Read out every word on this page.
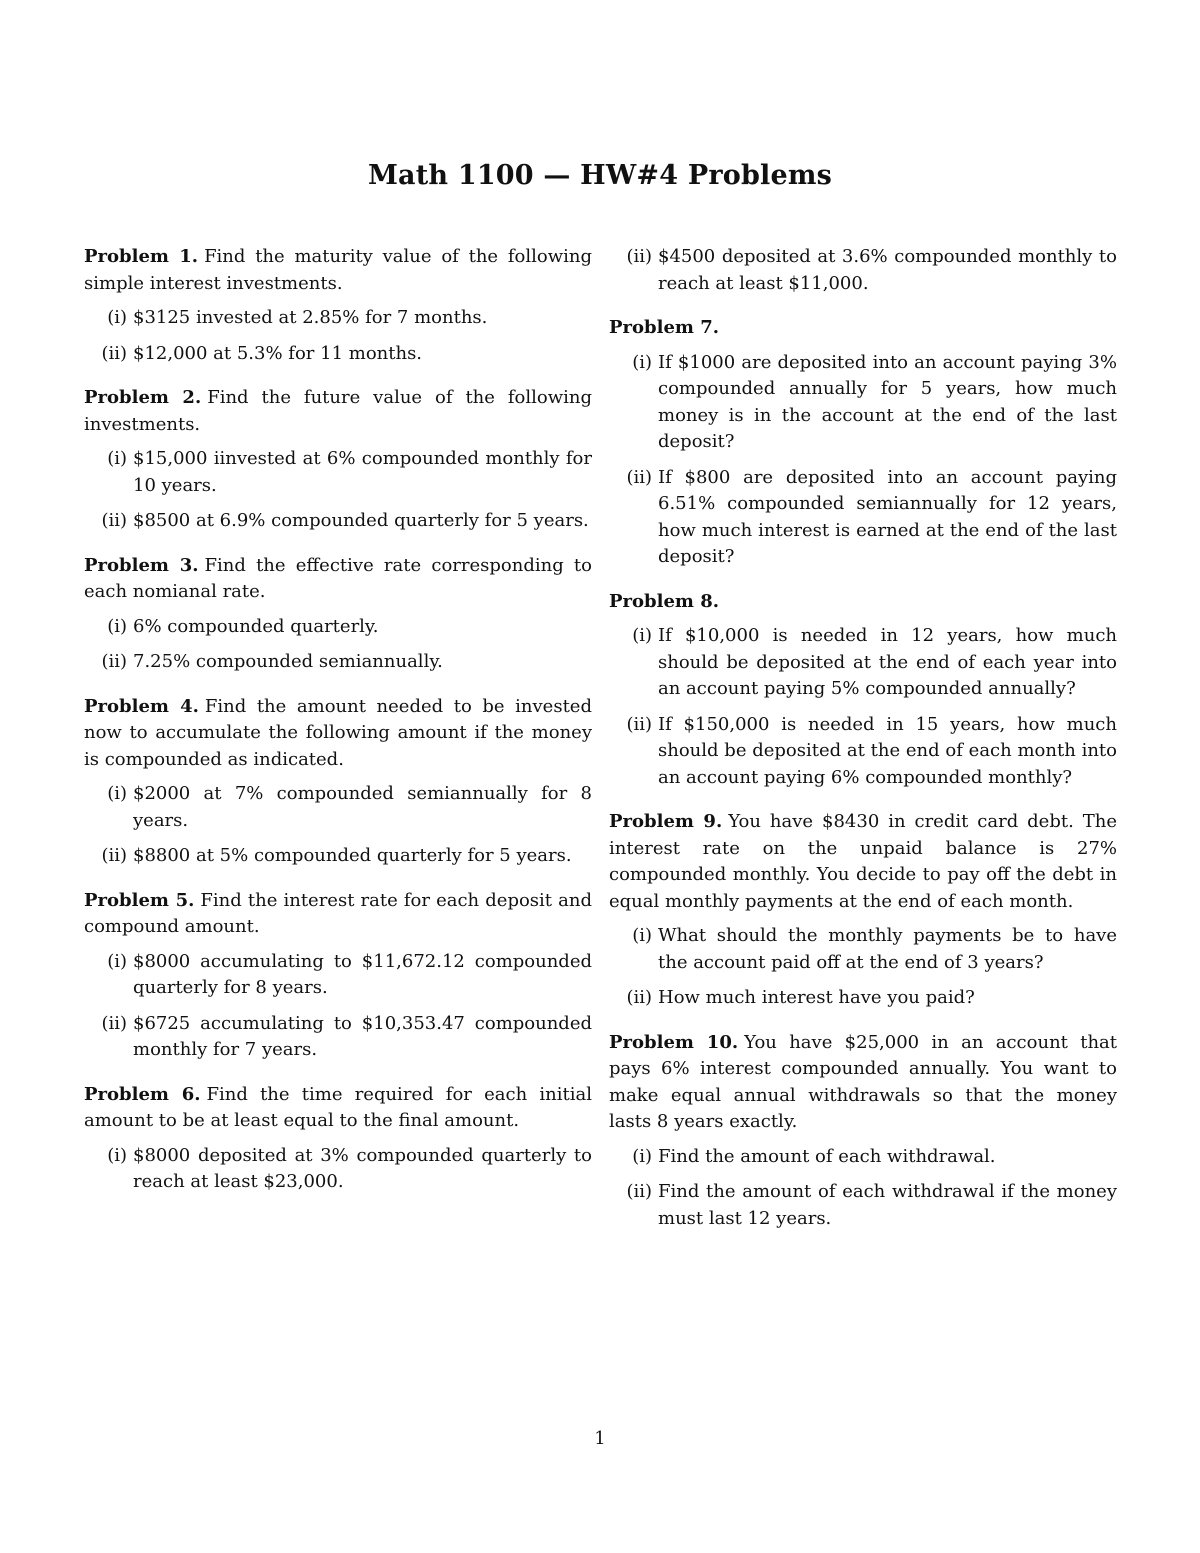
Math 1100 — HW#4 Problems

Problem 1. Find the maturity value of the following simple interest investments.

(i) $3125 invested at 2.85% for 7 months.
(ii) $12,000 at 5.3% for 11 months.

Problem 2. Find the future value of the following investments.

(i) $15,000 iinvested at 6% compounded monthly for 10 years.
(ii) $8500 at 6.9% compounded quarterly for 5 years.

Problem 3. Find the effective rate corresponding to each nomianal rate.

(i) 6% compounded quarterly.
(ii) 7.25% compounded semiannually.

Problem 4. Find the amount needed to be invested now to accumulate the following amount if the money is compounded as indicated.

(i) $2000 at 7% compounded semiannually for 8 years.
(ii) $8800 at 5% compounded quarterly for 5 years.

Problem 5. Find the interest rate for each deposit and compound amount.

(i) $8000 accumulating to $11,672.12 compounded quarterly for 8 years.
(ii) $6725 accumulating to $10,353.47 compounded monthly for 7 years.

Problem 6. Find the time required for each initial amount to be at least equal to the final amount.

(i) $8000 deposited at 3% compounded quarterly to reach at least $23,000.
(ii) $4500 deposited at 3.6% compounded monthly to reach at least $11,000.

Problem 7.

(i) If $1000 are deposited into an account paying 3% compounded annually for 5 years, how much money is in the account at the end of the last deposit?
(ii) If $800 are deposited into an account paying 6.51% compounded semiannually for 12 years, how much interest is earned at the end of the last deposit?

Problem 8.

(i) If $10,000 is needed in 12 years, how much should be deposited at the end of each year into an account paying 5% compounded annually?
(ii) If $150,000 is needed in 15 years, how much should be deposited at the end of each month into an account paying 6% compounded monthly?

Problem 9. You have $8430 in credit card debt. The interest rate on the unpaid balance is 27% compounded monthly. You decide to pay off the debt in equal monthly payments at the end of each month.

(i) What should the monthly payments be to have the account paid off at the end of 3 years?
(ii) How much interest have you paid?

Problem 10. You have $25,000 in an account that pays 6% interest compounded annually. You want to make equal annual withdrawals so that the money lasts 8 years exactly.

(i) Find the amount of each withdrawal.
(ii) Find the amount of each withdrawal if the money must last 12 years.
1
